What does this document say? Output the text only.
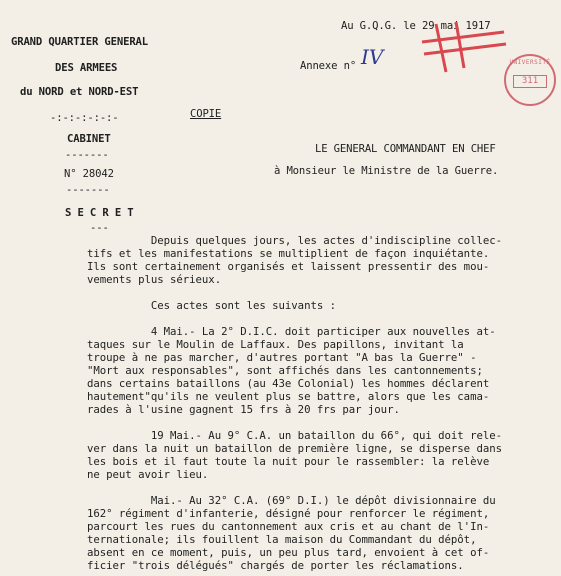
Au G.Q.G. le 29 mai 1917
GRAND QUARTIER GENERAL
DES ARMEES
du NORD et NORD-EST
-:-:-:-:-:-
Annexe n° IV
COPIE
UNIVERSITÉ
311
CABINET
-------
N° 28042
-------
S E C R E T
---
LE GENERAL COMMANDANT EN CHEF
à Monsieur le Ministre de la Guerre.
Depuis quelques jours, les actes d'indiscipline collec-
tifs et les manifestations se multiplient de façon inquiétante.
Ils sont certainement organisés et laissent pressentir des mou-
vements plus sérieux.
Ces actes sont les suivants :
4 Mai.- La 2° D.I.C. doit participer aux nouvelles at-
taques sur le Moulin de Laffaux. Des papillons, invitant la
troupe à ne pas marcher, d'autres portant "A bas la Guerre" -
"Mort aux responsables", sont affichés dans les cantonnements;
dans certains bataillons (au 43e Colonial) les hommes déclarent
hautement"qu'ils ne veulent plus se battre, alors que les cama-
rades à l'usine gagnent 15 frs à 20 frs par jour.
19 Mai.- Au 9° C.A. un bataillon du 66°, qui doit rele-
ver dans la nuit un bataillon de première ligne, se disperse dans
les bois et il faut toute la nuit pour le rassembler: la relève
ne peut avoir lieu.
Mai.- Au 32° C.A. (69° D.I.) le dépôt divisionnaire du
162° régiment d'infanterie, désigné pour renforcer le régiment,
parcourt les rues du cantonnement aux cris et au chant de l'In-
ternationale; ils fouillent la maison du Commandant du dépôt,
absent en ce moment, puis, un peu plus tard, envoient à cet of-
ficier "trois délégués" chargés de porter les réclamations.
